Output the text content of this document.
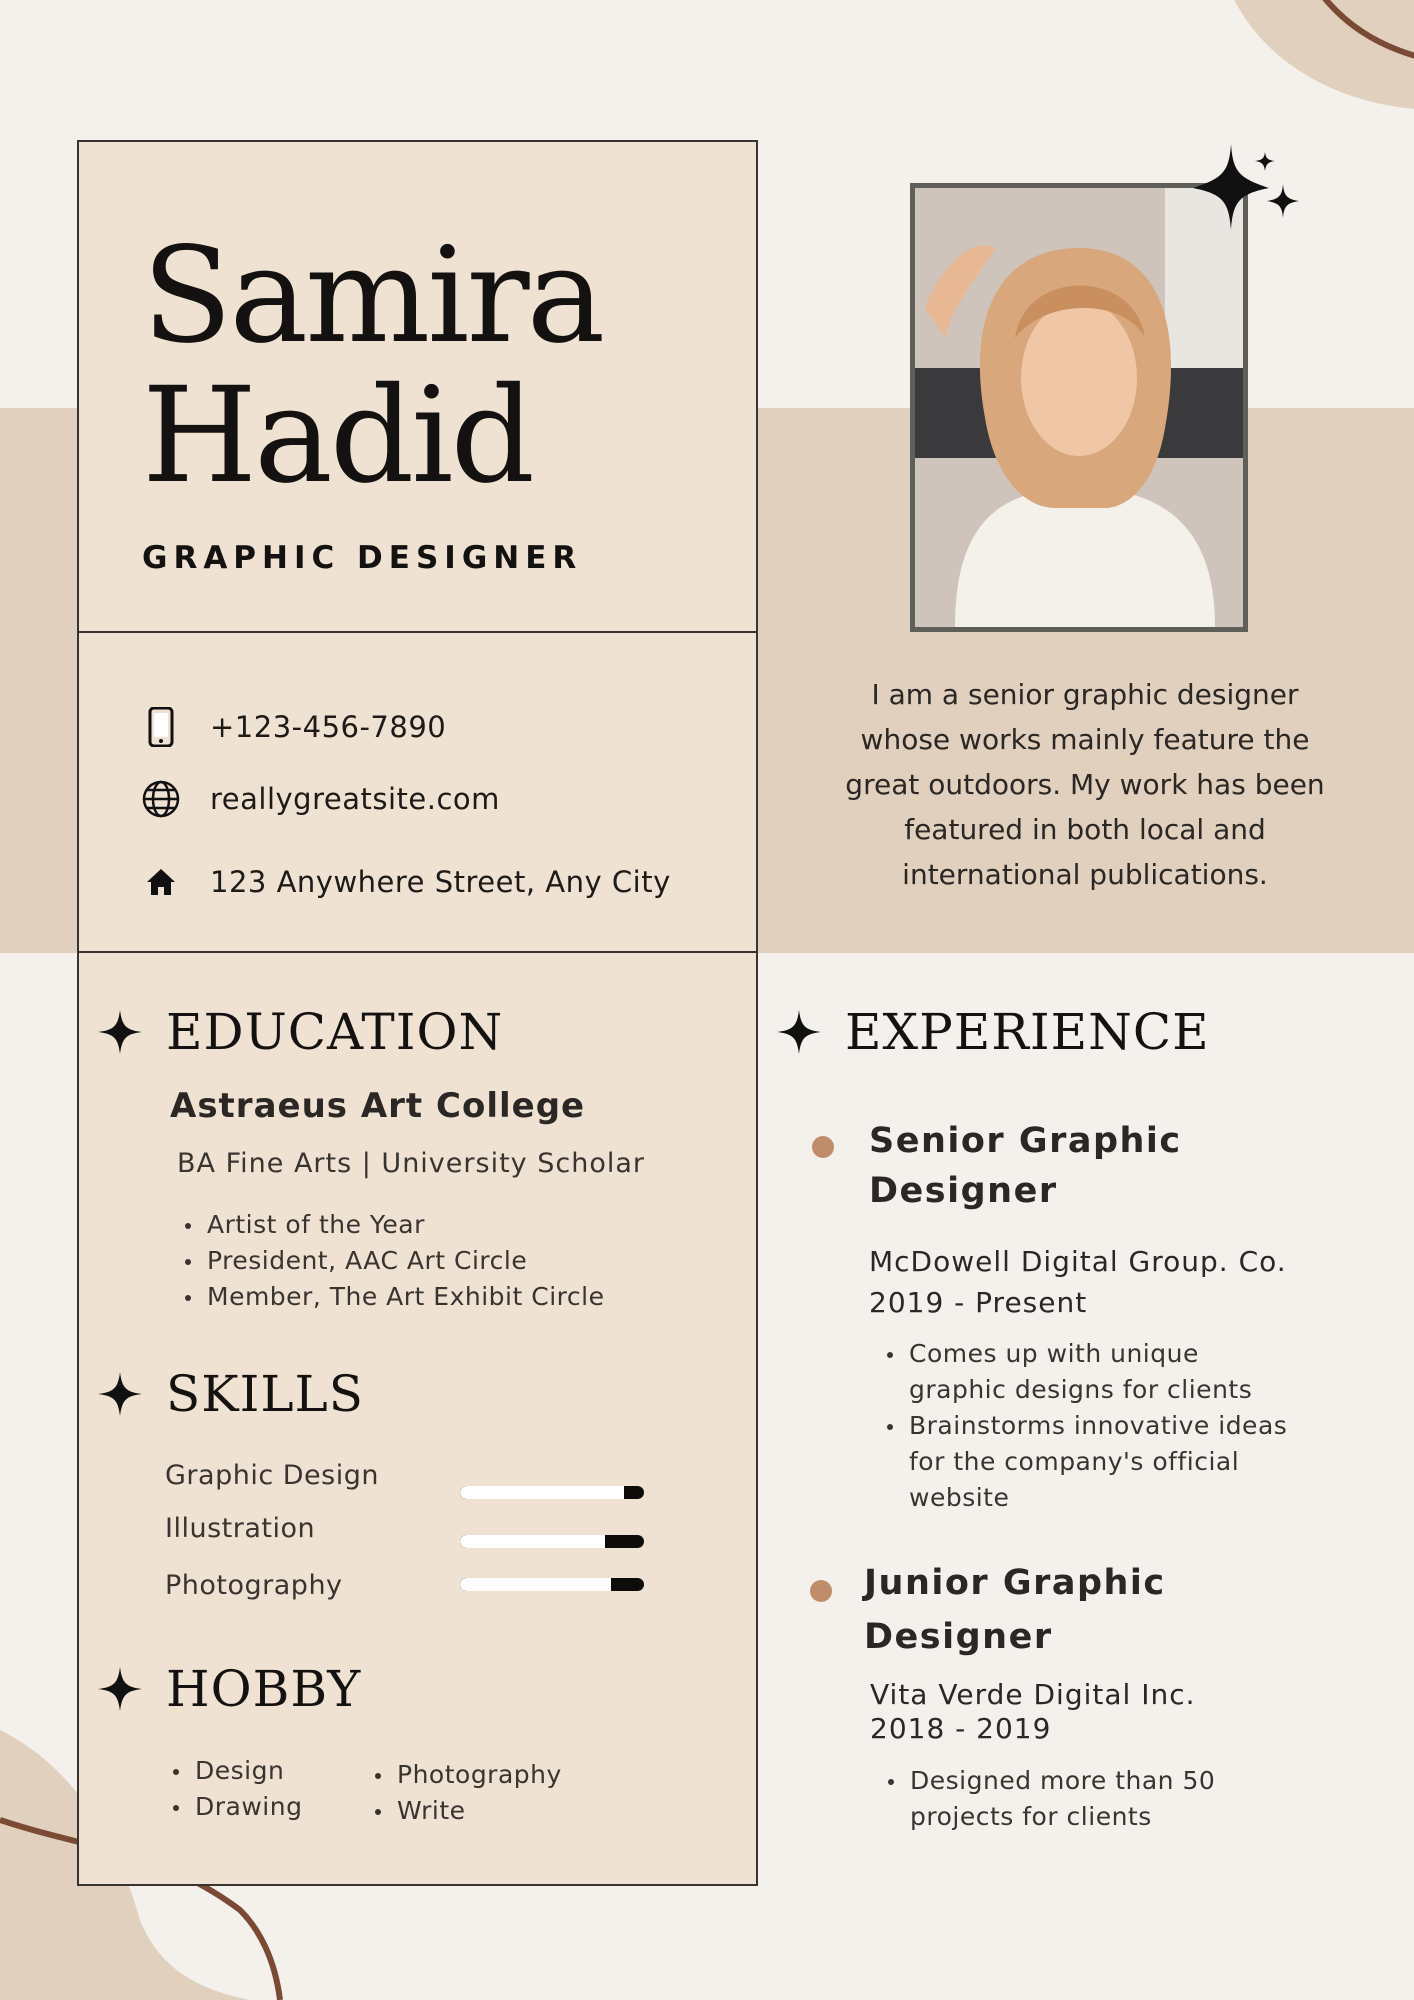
Samira
Hadid
GRAPHIC DESIGNER
+123-456-7890
reallygreatsite.com
123 Anywhere Street, Any City
EDUCATION
Astraeus Art College
BA Fine Arts | University Scholar
Artist of the Year
President, AAC Art Circle
Member, The Art Exhibit Circle
SKILLS
Graphic Design
Illustration
Photography
HOBBY
Design
Drawing
Photography
Write
I am a senior graphic designer
whose works mainly feature the
great outdoors. My work has been
featured in both local and
international publications.
EXPERIENCE
Senior Graphic
Designer
McDowell Digital Group. Co.
2019 - Present
Comes up with unique
graphic designs for clients
Brainstorms innovative ideas
for the company's official
website
Junior Graphic
Designer
Vita Verde Digital Inc.
2018 - 2019
Designed more than 50
projects for clients
